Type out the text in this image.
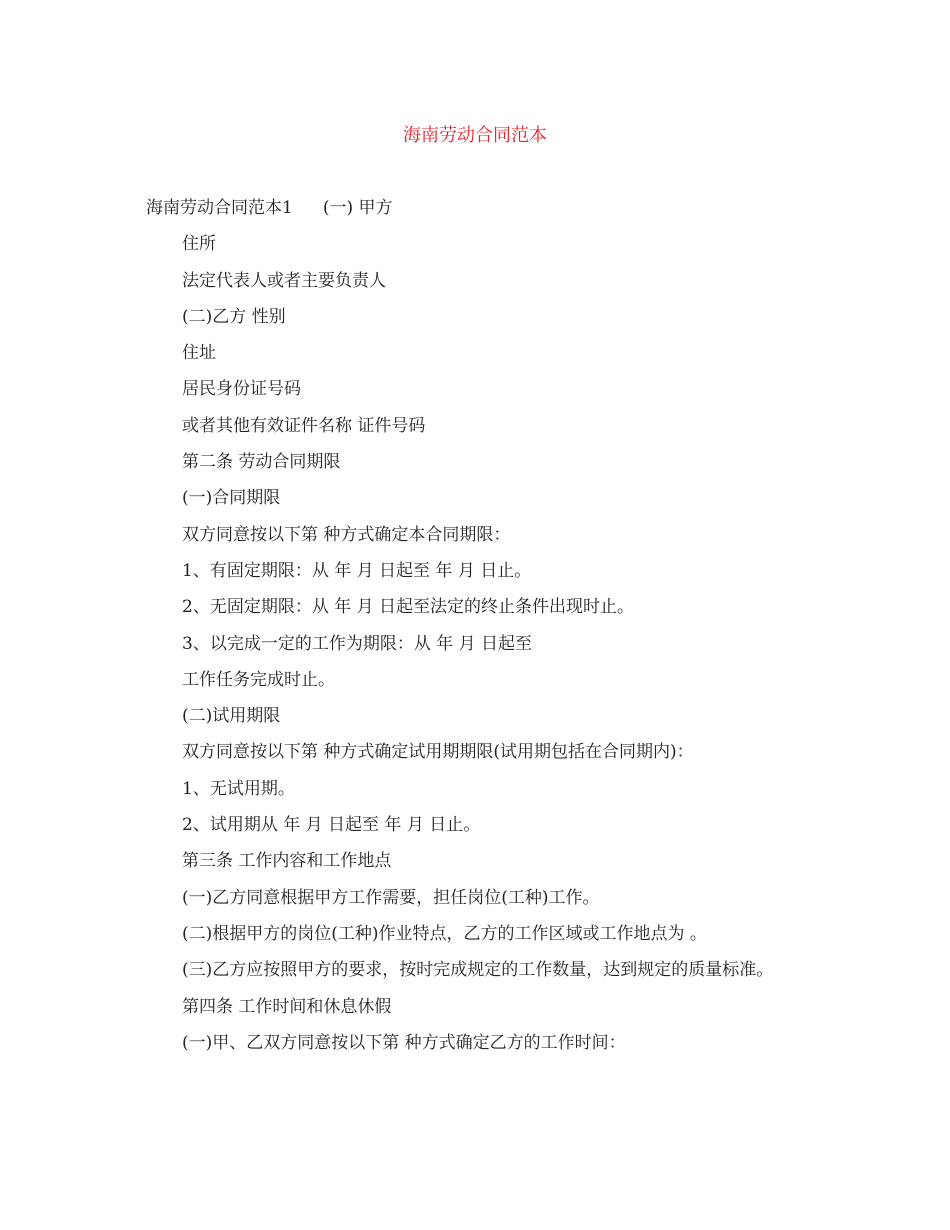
海南劳动合同范本
海南劳动合同范本1 (一) 甲方
住所
法定代表人或者主要负责人
(二)乙方 性别
住址
居民身份证号码
或者其他有效证件名称 证件号码
第二条 劳动合同期限
(一)合同期限
双方同意按以下第 种方式确定本合同期限：
1、有固定期限：从 年 月 日起至 年 月 日止。
2、无固定期限：从 年 月 日起至法定的终止条件出现时止。
3、以完成一定的工作为期限：从 年 月 日起至
工作任务完成时止。
(二)试用期限
双方同意按以下第 种方式确定试用期期限(试用期包括在合同期内)：
1、无试用期。
2、试用期从 年 月 日起至 年 月 日止。
第三条 工作内容和工作地点
(一)乙方同意根据甲方工作需要，担任岗位(工种)工作。
(二)根据甲方的岗位(工种)作业特点，乙方的工作区域或工作地点为 。
(三)乙方应按照甲方的要求，按时完成规定的工作数量，达到规定的质量标准。
第四条 工作时间和休息休假
(一)甲、乙双方同意按以下第 种方式确定乙方的工作时间：
